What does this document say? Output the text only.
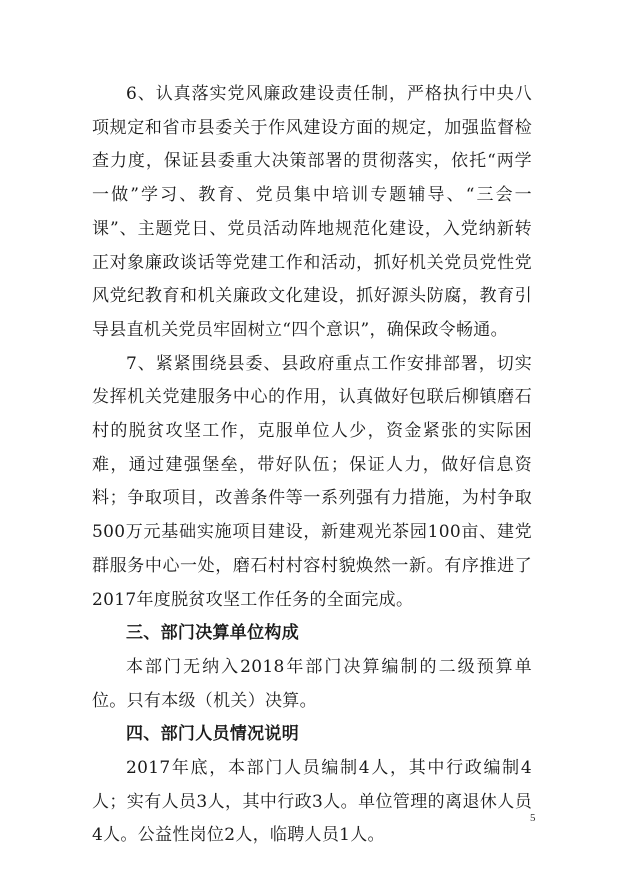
6、认真落实党风廉政建设责任制，严格执行中央八项规定和省市县委关于作风建设方面的规定，加强监督检查力度，保证县委重大决策部署的贯彻落实，依托“两学一做”学习、教育、党员集中培训专题辅导、“三会一课”、主题党日、党员活动阵地规范化建设，入党纳新转正对象廉政谈话等党建工作和活动，抓好机关党员党性党风党纪教育和机关廉政文化建设，抓好源头防腐，教育引导县直机关党员牢固树立“四个意识”，确保政令畅通。

7、紧紧围绕县委、县政府重点工作安排部署，切实发挥机关党建服务中心的作用，认真做好包联后柳镇磨石村的脱贫攻坚工作，克服单位人少，资金紧张的实际困难，通过建强堡垒，带好队伍；保证人力，做好信息资料；争取项目，改善条件等一系列强有力措施，为村争取500万元基础实施项目建设，新建观光茶园100亩、建党群服务中心一处，磨石村村容村貌焕然一新。有序推进了2017年度脱贫攻坚工作任务的全面完成。

三、部门决算单位构成

本部门无纳入2018年部门决算编制的二级预算单位。只有本级（机关）决算。

四、部门人员情况说明

2017年底，本部门人员编制4人，其中行政编制4人；实有人员3人，其中行政3人。单位管理的离退休人员4人。公益性岗位2人，临聘人员1人。

5
